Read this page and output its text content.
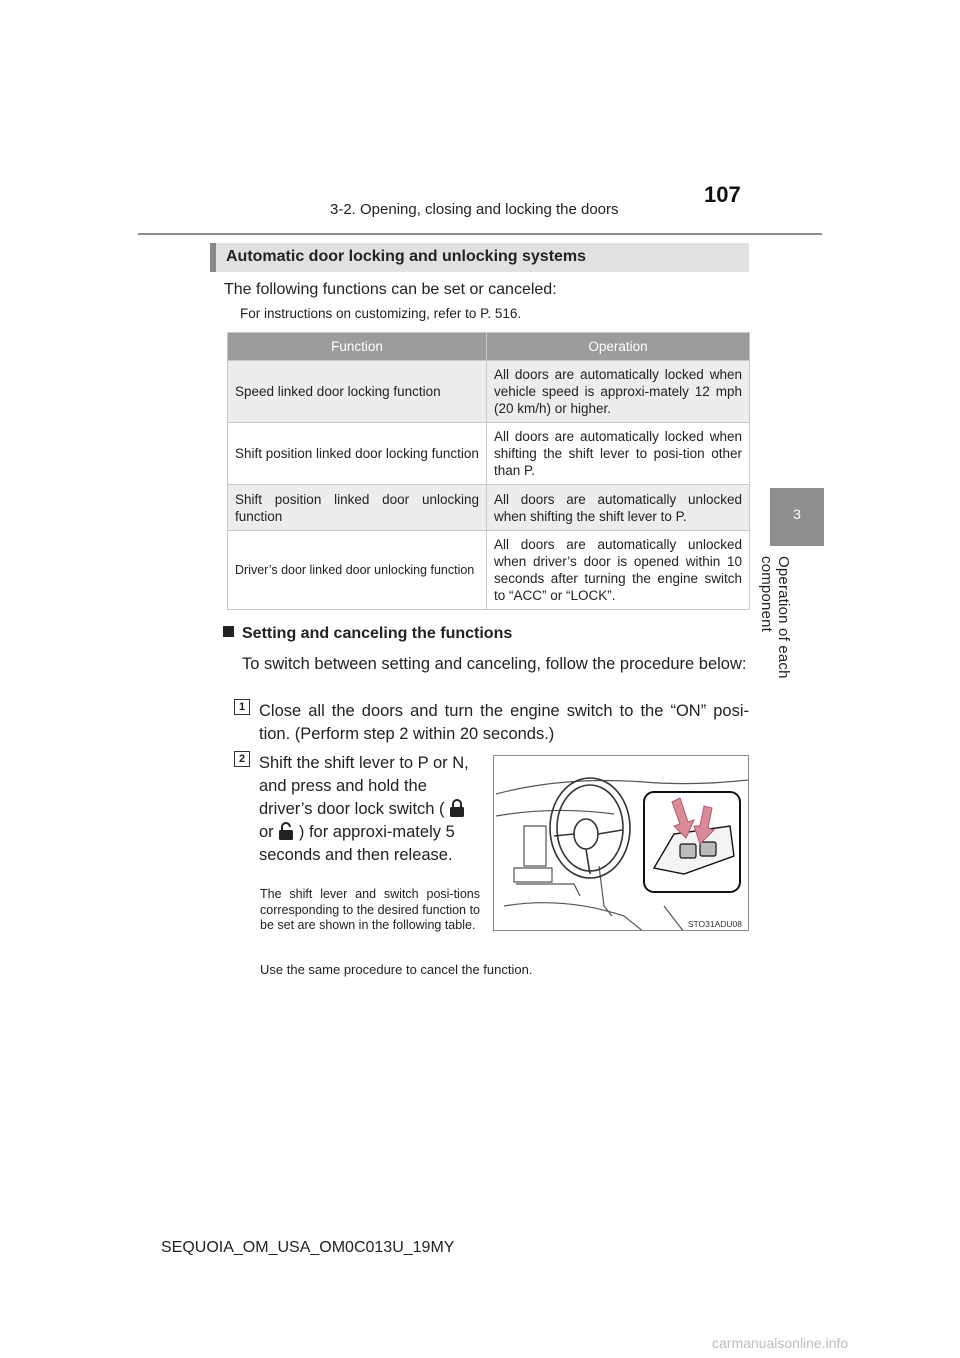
3-2. Opening, closing and locking the doors
107
3
Operation of each component
Automatic door locking and unlocking systems
The following functions can be set or canceled:
For instructions on customizing, refer to P. 516.
Function	Operation
Speed linked door locking function	All doors are automatically locked when vehicle speed is approxi-mately 12 mph (20 km/h) or higher.
Shift position linked door locking function	All doors are automatically locked when shifting the shift lever to posi-tion other than P.
Shift position linked door unlocking function	All doors are automatically unlocked when shifting the shift lever to P.
Driver’s door linked door unlocking function	All doors are automatically unlocked when driver’s door is opened within 10 seconds after turning the engine switch to “ACC” or “LOCK”.
Setting and canceling the functions
To switch between setting and canceling, follow the procedure below:
1 Close all the doors and turn the engine switch to the “ON” posi-tion. (Perform step 2 within 20 seconds.)
2 Shift the shift lever to P or N, and press and hold the driver’s door lock switch (  or ) for approxi-mately 5 seconds and then release.
The shift lever and switch posi-tions corresponding to the desired function to be set are shown in the following table.
Use the same procedure to cancel the function.
STO31ADU08
SEQUOIA_OM_USA_OM0C013U_19MY
carmanualsonline.info
